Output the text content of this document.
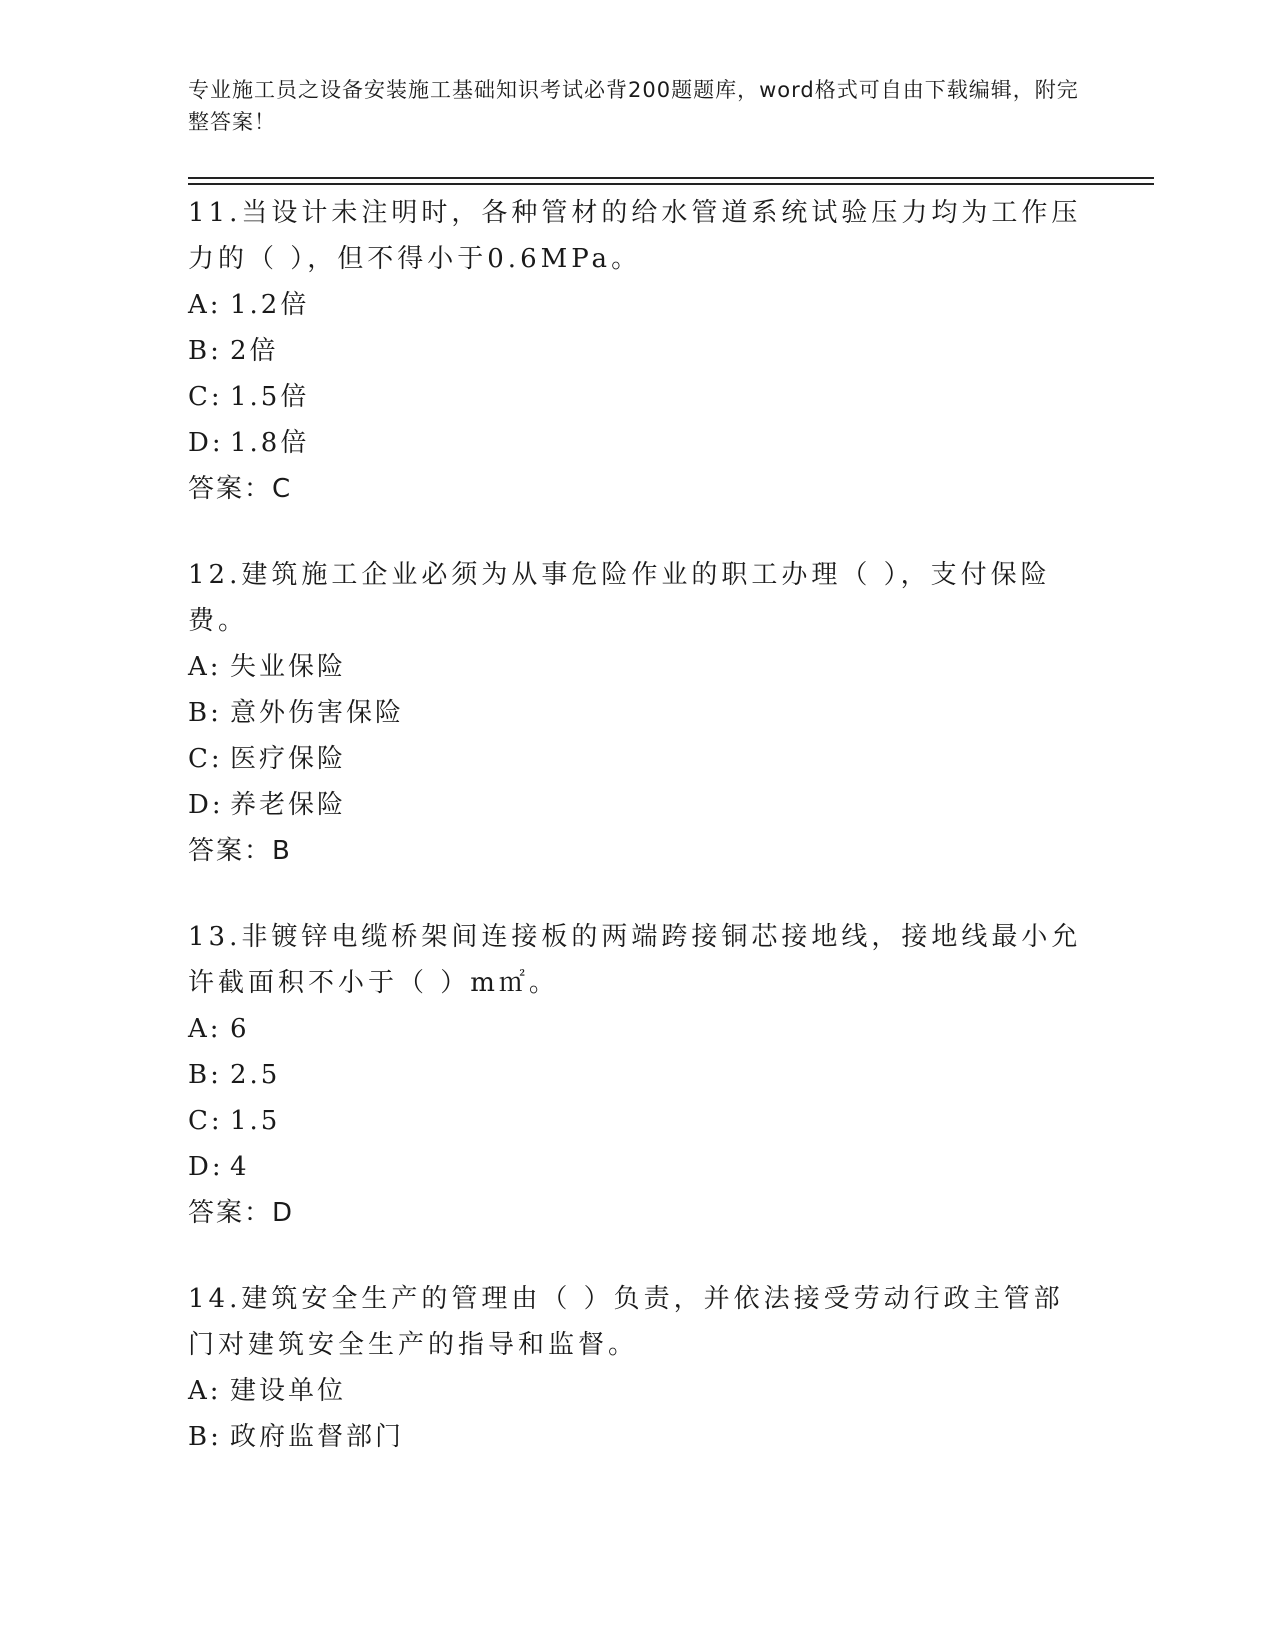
专业施工员之设备安装施工基础知识考试必背200题题库，word格式可自由下载编辑，附完整答案！

11.当设计未注明时，各种管材的给水管道系统试验压力均为工作压力的（ ），但不得小于0.6MPa。

A: 1.2倍

B: 2倍

C: 1.5倍

D: 1.8倍

答案：C

12.建筑施工企业必须为从事危险作业的职工办理（ ），支付保险费。

A: 失业保险

B: 意外伤害保险

C: 医疗保险

D: 养老保险

答案：B

13.非镀锌电缆桥架间连接板的两端跨接铜芯接地线，接地线最小允许截面积不小于（ ）m㎡。

A: 6

B: 2.5

C: 1.5

D: 4

答案：D

14.建筑安全生产的管理由（ ）负责，并依法接受劳动行政主管部门对建筑安全生产的指导和监督。

A: 建设单位

B: 政府监督部门
